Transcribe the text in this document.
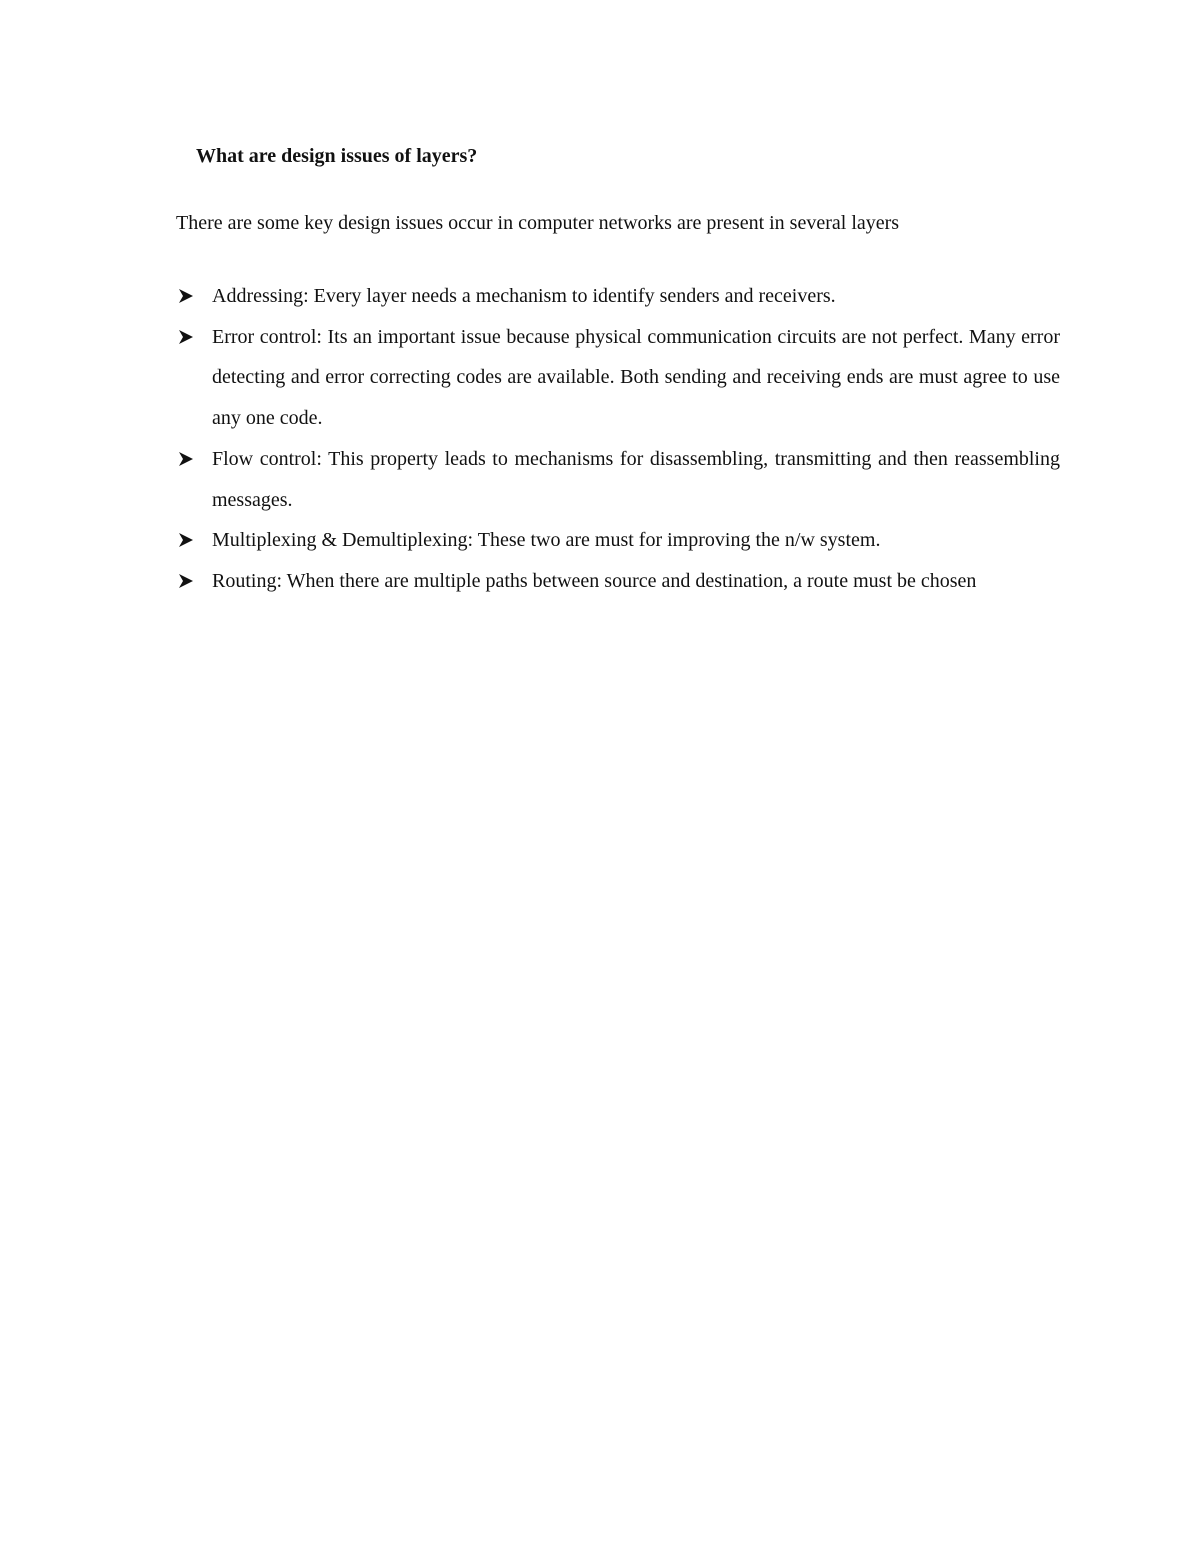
What are design issues of layers?

There are some key design issues occur in computer networks are present in several layers

Addressing: Every layer needs a mechanism to identify senders and receivers.
Error control: Its an important issue because physical communication circuits are not perfect. Many error detecting and error correcting codes are available. Both sending and receiving ends are must agree to use any one code.
Flow control: This property leads to mechanisms for disassembling, transmitting and then reassembling messages.
Multiplexing & Demultiplexing: These two are must for improving the n/w system.
Routing: When there are multiple paths between source and destination, a route must be chosen
